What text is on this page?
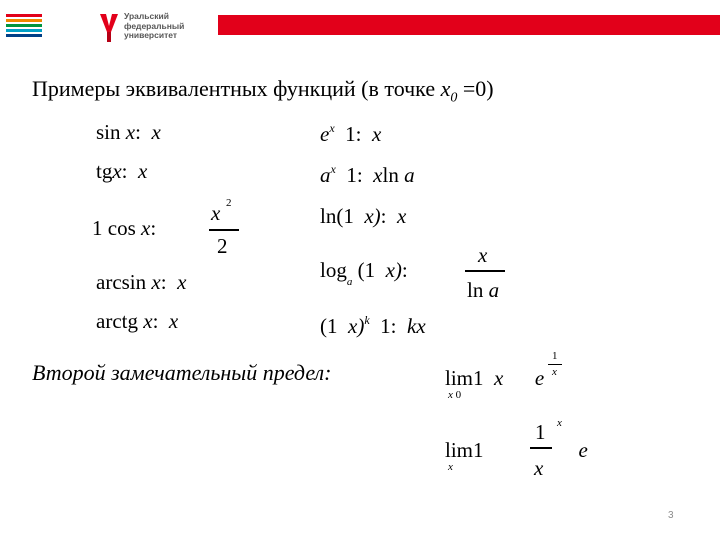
Уральский
федеральный
университет
Примеры эквивалентных функций (в точке $x_0 =0$)
sin x: x
tgx: x
1 cos x:
x 2
2
arcsin x: x
arctg x: x
$e^x$ 1: x
$a^x$ 1: xln a
ln(1 x): x
$\log_a (1$ x):
x
ln a
(1 x)$^k$ 1: kx
Второй замечательный предел:	lim1 x e
1
x
x 0
lim1
1
x
x
e
x
3
